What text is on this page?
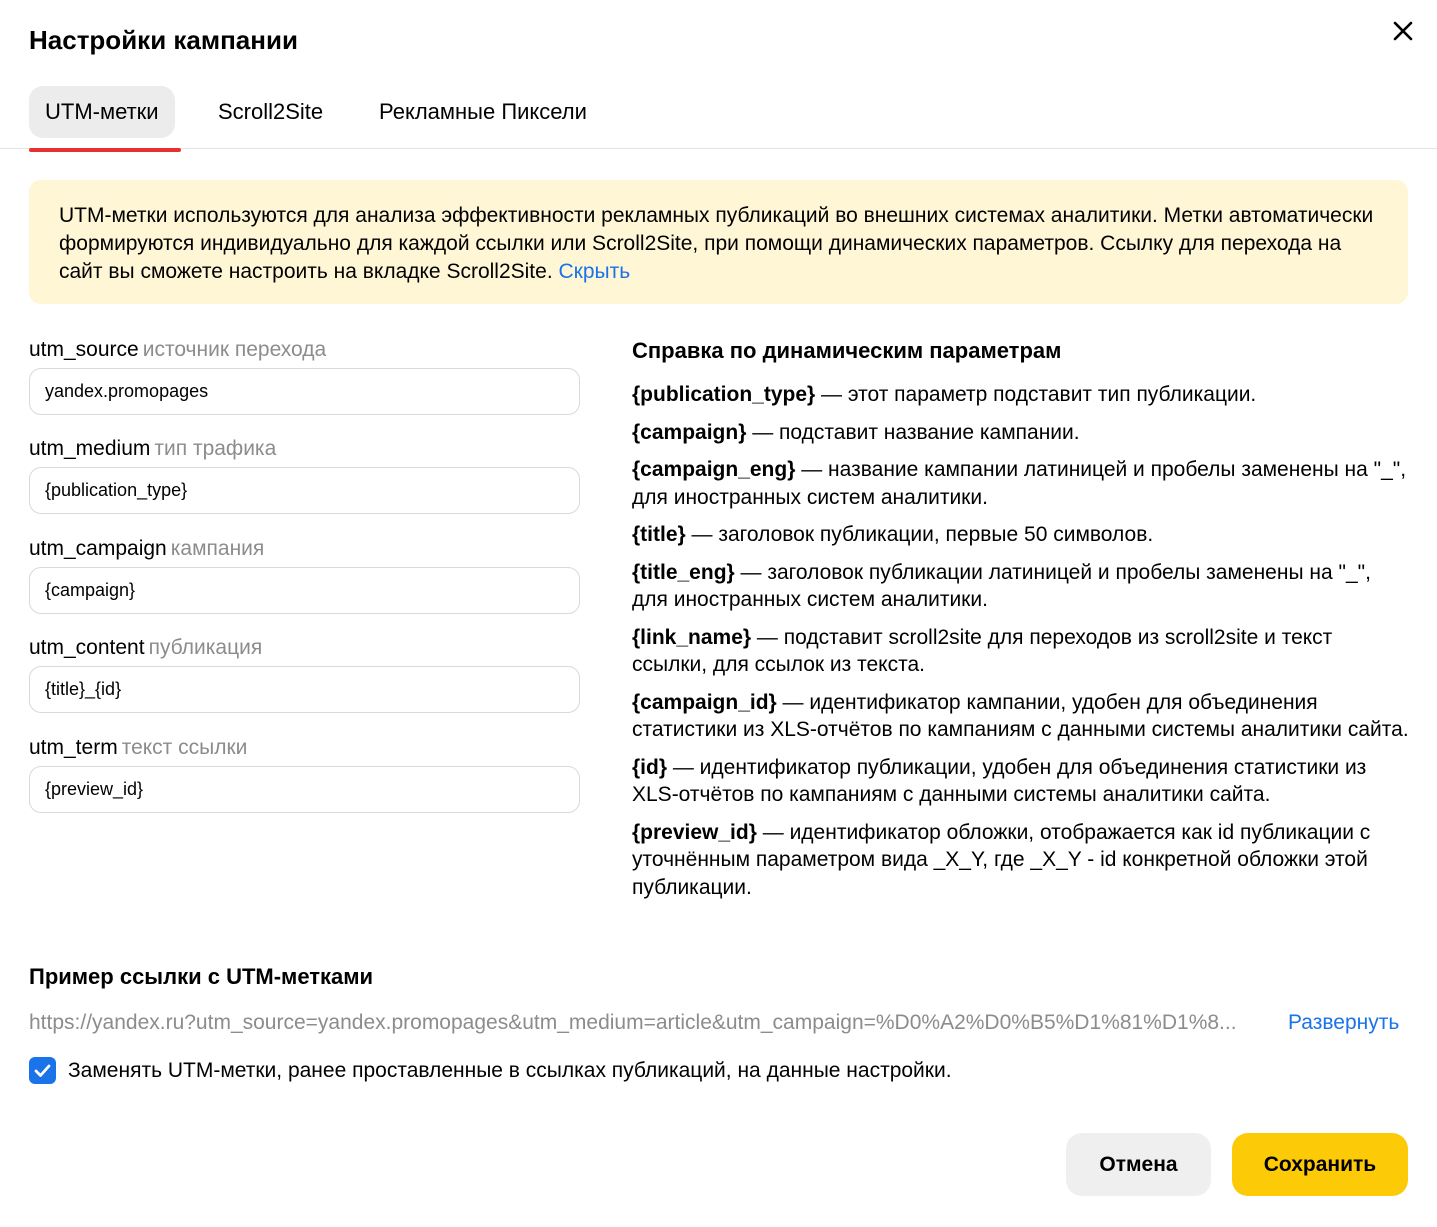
Настройки кампании
UTM-метки	Scroll2Site	Рекламные Пиксели
UTM-метки используются для анализа эффективности рекламных публикаций во внешних системах аналитики. Метки автоматически формируются индивидуально для каждой ссылки или Scroll2Site, при помощи динамических параметров. Ссылку для перехода на сайт вы сможете настроить на вкладке Scroll2Site. Скрыть
utm_source источник перехода
yandex.promopages
utm_medium тип трафика
{publication_type}
utm_campaign кампания
{campaign}
utm_content публикация
{title}_{id}
utm_term текст ссылки
{preview_id}
Справка по динамическим параметрам

{publication_type} — этот параметр подставит тип публикации.

{campaign} — подставит название кампании.

{campaign_eng} — название кампании латиницей и пробелы заменены на "_", для иностранных систем аналитики.

{title} — заголовок публикации, первые 50 символов.

{title_eng} — заголовок публикации латиницей и пробелы заменены на "_", для иностранных систем аналитики.

{link_name} — подставит scroll2site для переходов из scroll2site и текст ссылки, для ссылок из текста.

{campaign_id} — идентификатор кампании, удобен для объединения статистики из XLS-отчётов по кампаниям с данными системы аналитики сайта.

{id} — идентификатор публикации, удобен для объединения статистики из XLS-отчётов по кампаниям с данными системы аналитики сайта.

{preview_id} — идентификатор обложки, отображается как id публикации с уточнённым параметром вида _X_Y, где _X_Y - id конкретной обложки этой публикации.

Пример ссылки с UTM-метками
https://yandex.ru?utm_source=yandex.promopages&utm_medium=article&utm_campaign=%D0%A2%D0%B5%D1%81%D1%8...	Развернуть
Заменять UTM-метки, ранее проставленные в ссылках публикаций, на данные настройки.
Отмена	Сохранить
